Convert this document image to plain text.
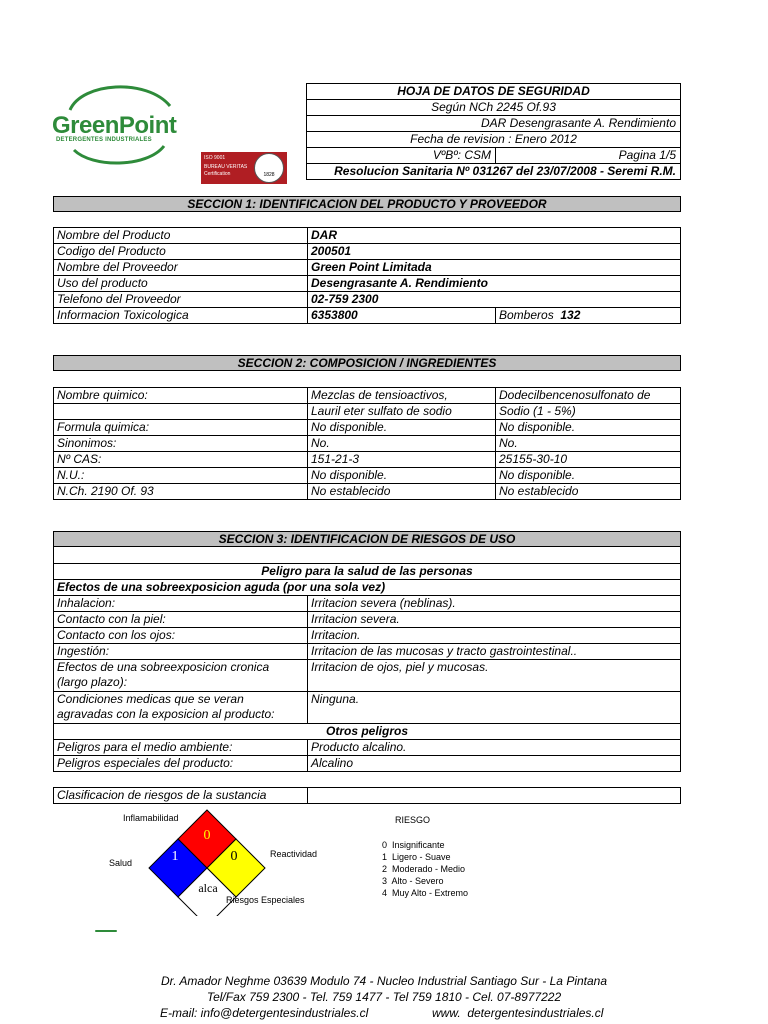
GreenPoint
DETERGENTES INDUSTRIALES
ISO 9001
BUREAU VERITAS
Certification	1828
HOJA DE DATOS DE SEGURIDAD
Según NCh 2245 Of.93
DAR Desengrasante A. Rendimiento
Fecha de revision : Enero 2012
VºBº: CSM	Pagina 1/5
Resolucion Sanitaria Nº 031267 del 23/07/2008 - Seremi R.M.
SECCION 1: IDENTIFICACION DEL PRODUCTO Y PROVEEDOR
Nombre del Producto	DAR	
Codigo del Producto	200501	
Nombre del Proveedor	Green Point Limitada	
Uso del producto	Desengrasante A. Rendimiento	
Telefono del Proveedor	02-759 2300	
Informacion Toxicologica	6353800	Bomberos 132
SECCION 2: COMPOSICION / INGREDIENTES
Nombre quimico:	Mezclas de tensioactivos,	Dodecilbencenosulfonato de
	Lauril eter sulfato de sodio	Sodio (1 - 5%)
Formula quimica:	No disponible.	No disponible.
Sinonimos:	No.	No.
Nº CAS:	151-21-3	25155-30-10
N.U.:	No disponible.	No disponible.
N.Ch. 2190 Of. 93	No establecido	No establecido
SECCION 3: IDENTIFICACION DE RIESGOS DE USO

Peligro para la salud de las personas	
Efectos de una sobreexposicion aguda (por una sola vez)	
Inhalacion:	Irritacion severa (neblinas).
Contacto con la piel:	Irritacion severa.
Contacto con los ojos:	Irritacion.
Ingestión:	Irritacion de las mucosas y tracto gastrointestinal..

Efectos de una sobreexposicion cronica
(largo plazo):	Irritacion de ojos, piel y mucosas.

Condiciones medicas que se veran
agravadas con la exposicion al producto:	Ninguna.
Otros peligros	
Peligros para el medio ambiente:	Producto alcalino.
Peligros especiales del producto:	Alcalino
Clasificacion de riesgos de la sustancia	
0
1	0
alca
Inflamabilidad
Salud
Reactividad
Riesgos Especiales
RIESGO
0  Insignificante
1  Ligero - Suave
2  Moderado - Medio
3  Alto - Severo
4  Muy Alto - Extremo
Dr. Amador Neghme 03639 Modulo 74 - Nucleo Industrial Santiago Sur - La Pintana
Tel/Fax 759 2300 - Tel. 759 1477 - Tel 759 1810 - Cel. 07-8977222
E-mail: info@detergentesindustriales.cl	www.  detergentesindustriales.cl
